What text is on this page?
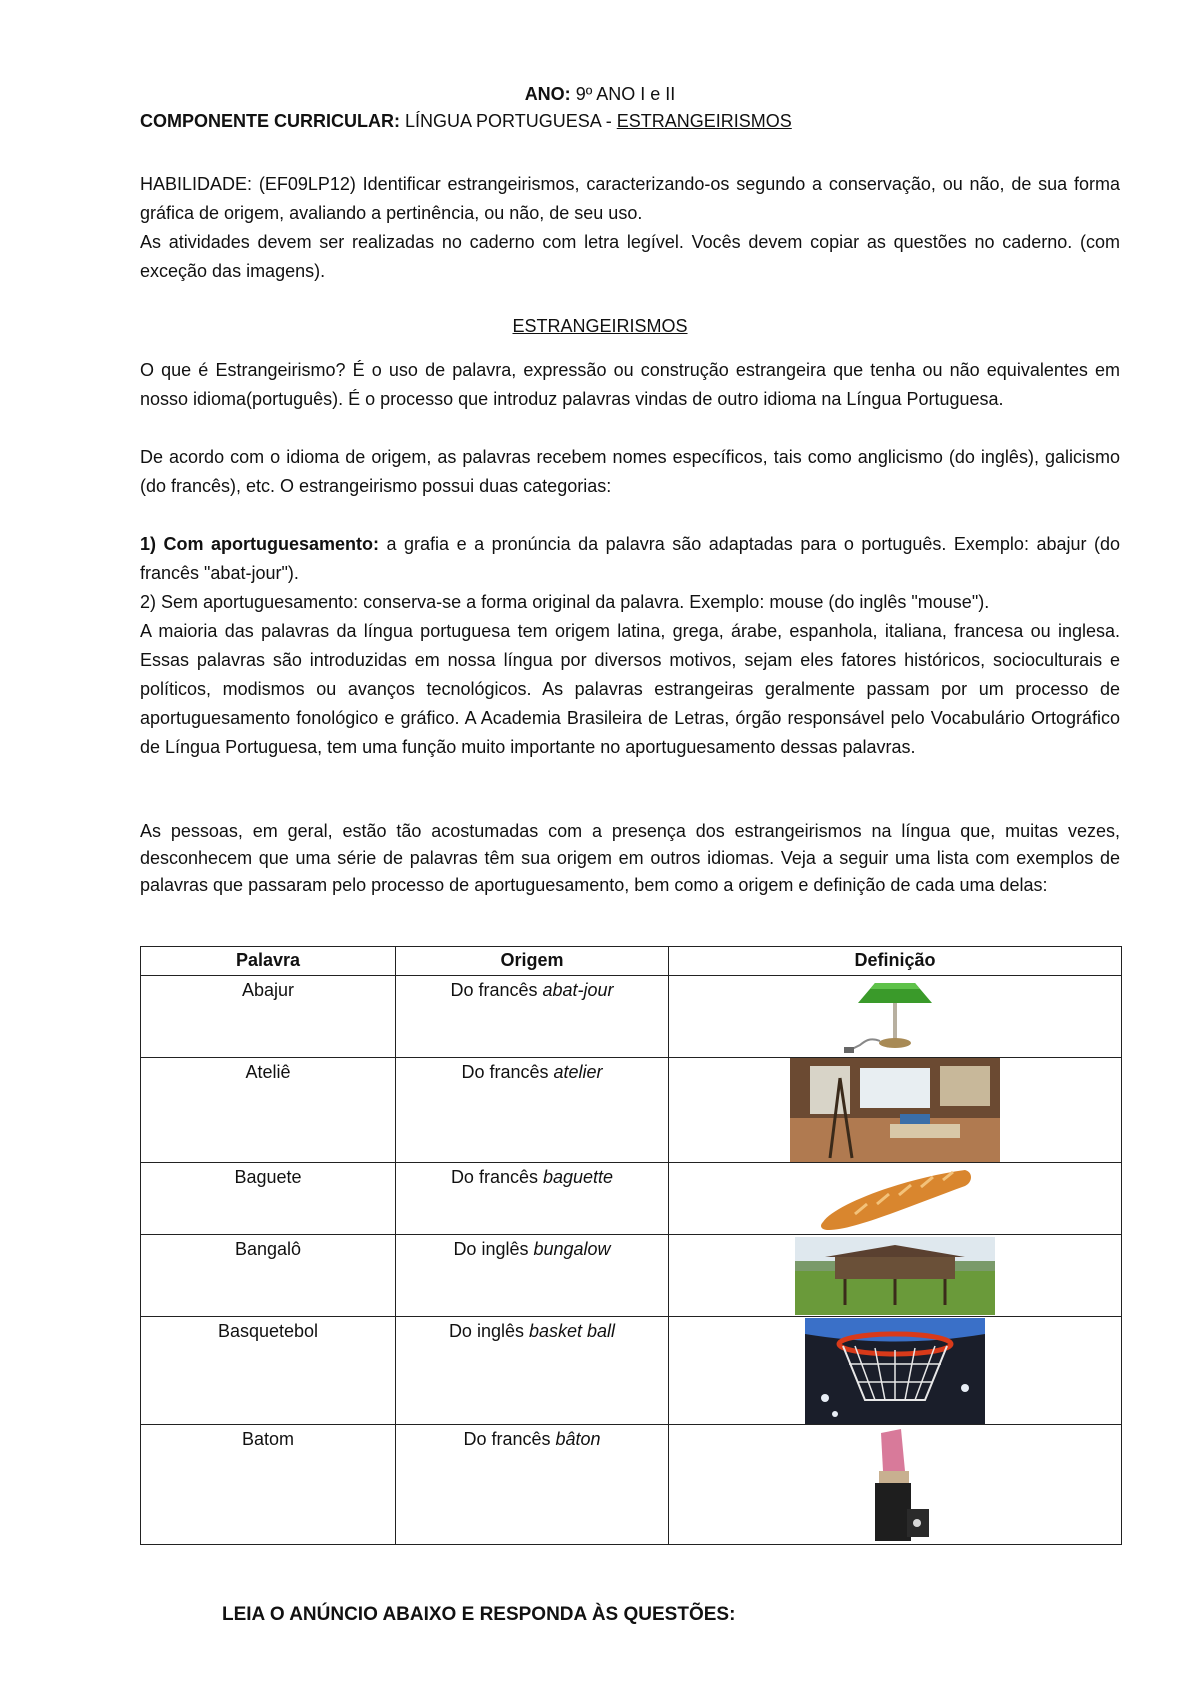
ANO: 9º ANO I e II
COMPONENTE CURRICULAR: LÍNGUA PORTUGUESA - ESTRANGEIRISMOS
HABILIDADE: (EF09LP12) Identificar estrangeirismos, caracterizando-os segundo a conservação, ou não, de sua forma gráfica de origem, avaliando a pertinência, ou não, de seu uso.
As atividades devem ser realizadas no caderno com letra legível. Vocês devem copiar as questões no caderno. (com exceção das imagens).
ESTRANGEIRISMOS
O que é Estrangeirismo? É o uso de palavra, expressão ou construção estrangeira que tenha ou não equivalentes em nosso idioma(português). É o processo que introduz palavras vindas de outro idioma na Língua Portuguesa.
De acordo com o idioma de origem, as palavras recebem nomes específicos, tais como anglicismo (do inglês), galicismo (do francês), etc. O estrangeirismo possui duas categorias:
1) Com aportuguesamento: a grafia e a pronúncia da palavra são adaptadas para o português. Exemplo: abajur (do francês "abat-jour").
2) Sem aportuguesamento: conserva-se a forma original da palavra. Exemplo: mouse (do inglês "mouse").
A maioria das palavras da língua portuguesa tem origem latina, grega, árabe, espanhola, italiana, francesa ou inglesa. Essas palavras são introduzidas em nossa língua por diversos motivos, sejam eles fatores históricos, socioculturais e políticos, modismos ou avanços tecnológicos. As palavras estrangeiras geralmente passam por um processo de aportuguesamento fonológico e gráfico. A Academia Brasileira de Letras, órgão responsável pelo Vocabulário Ortográfico de Língua Portuguesa, tem uma função muito importante no aportuguesamento dessas palavras.
As pessoas, em geral, estão tão acostumadas com a presença dos estrangeirismos na língua que, muitas vezes, desconhecem que uma série de palavras têm sua origem em outros idiomas. Veja a seguir uma lista com exemplos de palavras que passaram pelo processo de aportuguesamento, bem como a origem e definição de cada uma delas:
Palavra	Origem	Definição
Abajur	Do francês abat-jour	

Ateliê	Do francês atelier	

Baguete	Do francês baguette	

Bangalô	Do inglês bungalow	

Basquetebol	Do inglês basket ball	

Batom	Do francês bâton	
LEIA O ANÚNCIO ABAIXO E RESPONDA ÀS QUESTÕES:
